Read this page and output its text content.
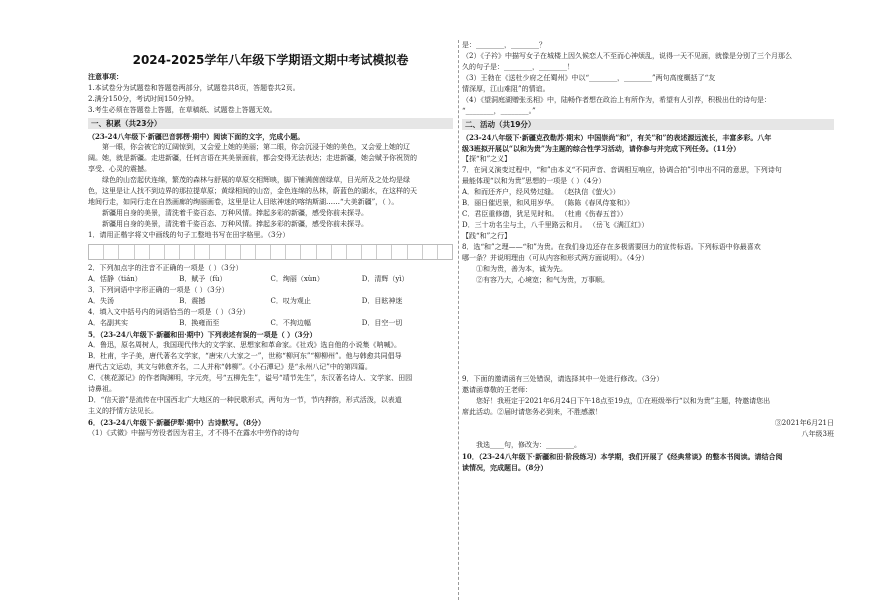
2024-2025学年八年级下学期语文期中考试模拟卷

注意事项：

1.本试卷分为试题卷和答题卷两部分，试题卷共8页，答题卷共2页。

2.满分150分，考试时间150分钟。

3.考生必须在答题卷上答题，在草稿纸、试题卷上答题无效。

一、积累（共23分）

（23-24八年级下·新疆巴音郭楞·期中）阅读下面的文字，完成小题。

第一眼，你会被它的辽阔惊到，又会爱上她的美丽；第二眼，你会沉浸于她的美色，又会爱上她的辽

阔。她，就是新疆。走进新疆，任何言语在其美景面前，都会变得无法表达；走进新疆，她会赋予你祝贺的

享受、心灵的震撼。

绿色的山峦起伏连绵，繁茂的森林与舒展的草原交相辉映，脚下铺满茵茵绿草，目光所及之处均是绿

色，这里是让人找不到边界的那拉提草原；黄绿相间的山峦，金色连绵的丛林，蔚蓝色的湖水，在这样的天

地间行走，如同行走在自然画廊的绚丽画卷，这里是让人目眩神迷的喀纳斯湖……“大美新疆”，（ ）。

新疆用自身的美景，清洗着千姿百态、万种风情。捧起多彩的新疆，感受你前未探寻。

新疆用自身的美景，清洗着千姿百态、万种风情。捧起多彩的新疆，感受你前未探寻。

1．请用正楷字将文中画线的句子工整地书写在田字格里。（3分）

2．下列加点字的注音不正确的一项是（ ）（3分）

A．恬静（tián）	B．赋予（fù）	C．绚丽（xùn）	D．清辉（yì）

3．下列词语中字形正确的一项是（ ）（3分）

A．失汤	B．震撼	C．叹为观止	D．目眩神迷

4．填入文中括号内的词语恰当的一项是（ ）（3分）

A．名副其实	B．换雍而至	C．不拘边幅	D．目空一切

5．（23-24八年级下·新疆和田·期中）下列表述有误的一项是（ ）（3分）

A．鲁迅，原名周树人，我国现代伟大的文学家、思想家和革命家。《社戏》选自他的小说集《呐喊》。

B．杜甫，字子美，唐代著名文学家，“唐宋八大家之一”，世称“柳河东”“柳柳州”。他与韩愈共同倡导

唐代古文运动，其文与韩愈齐名，二人并称“韩柳”。《小石潭记》是“永州八记”中的第四篇。

C．《桃花源记》的作者陶渊明，字元亮，号“五柳先生”，谥号“靖节先生”，东汉著名诗人、文学家、田园

诗鼻祖。

D．“信天游”是流传在中国西北广大地区的一种民歌形式，两句为一节，节内押韵，形式活泼，以表道

主义的抒情方法见长。

6．（23-24八年级下·新疆伊犁·期中）古诗默写。（8分）

（1）《式微》中描写劳役者因为君主，才不得不在露水中劳作的诗句

是：________，________？

（2）《子衿》中描写女子在城楼上因久候恋人不至而心神烦乱，说得一天不见面，就像是分别了三个月那么

久的句子是：________，________！

（3）王勃在《送杜少府之任蜀州》中以“________，________”两句高度概括了“友

情深厚，江山难阻”的情谊。

（4）《望洞庭湖赠张丞相》中，陆畅作者想在政治上有所作为，希望有人引荐，积极出仕的诗句是：

“________，________。”

二、活动（共19分）

（23-24八年级下·新疆克孜勒苏·期末）中国崇尚“和”，有关“和”的表述源远流长，丰富多彩。八年

级3班拟开展以“以和为贵”为主题的综合性学习活动，请你参与并完成下列任务。（11分）

【探“和”之义】

7．在词义演变过程中，“和”由本义“不同声音、音调相互响应，协调合拍”引申出不同的意思，下列诗句

最能体现“以和为贵”思想的一项是（ ）（4分）

A．和而还齐户，经风势过缝。 （赵执信《萤火》）

B．丽日催迟景，和风用岁华。 （陈陈《春风侍宴和》）

C．君臣重修德，犹足见时和。 （杜甫《伤春五首》）

D．三十功名尘与土，八千里路云和月。 （岳飞《满江红》）

【践“和”之行】

8．选“和”之理——“和”为贵。在我们身边还存在多极需要回力的宣传标语。下列标语中你最喜欢

哪一条？并说明理由（可从内容和形式两方面说明）。（4分）

①和为贵，善为本，诚为先。

②有容乃大，心境宽；和气为贵，万事顺。

9．下面的邀请函有三处错误，请选择其中一处进行修改。（3分）

邀请函尊敬的王老师：

您好！我班定于2021年6月24日下午18点至19点，①在班级举行“以和为贵”主题，特邀请您出

席此活动。②届时请您务必到来，不胜感激！

③2021年6月21日

八年级3班

我选____句，修改为：________。

10．（23-24八年级下·新疆和田·阶段练习）本学期，我们开展了《经典常谈》的整本书阅读。请结合阅

读情况，完成题目。（8分）
